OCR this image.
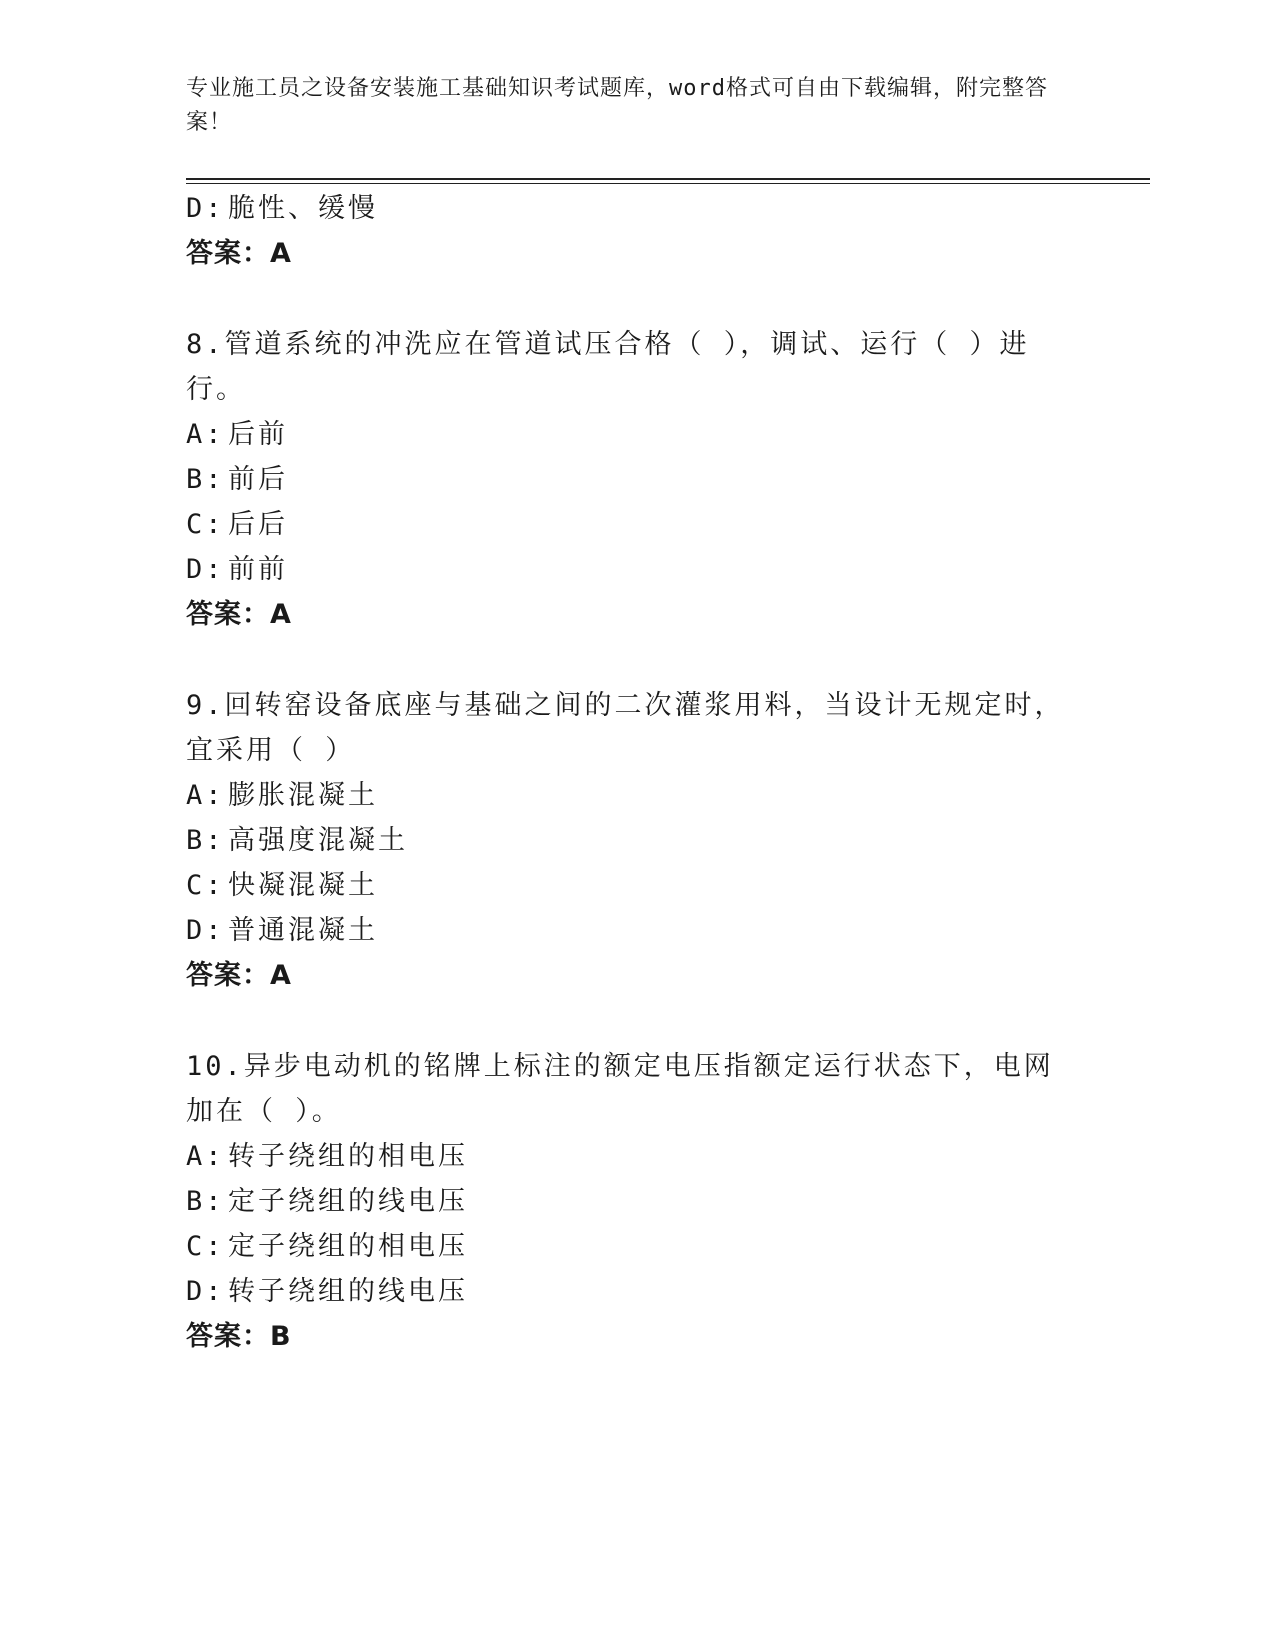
专业施工员之设备安装施工基础知识考试题库，word格式可自由下载编辑，附完整答案！
D: 脆性、缓慢
答案：A
8.管道系统的冲洗应在管道试压合格（ ），调试、运行（ ）进行。
A: 后前
B: 前后
C: 后后
D: 前前
答案：A
9.回转窑设备底座与基础之间的二次灌浆用料，当设计无规定时，宜采用（ ）
A: 膨胀混凝土
B: 高强度混凝土
C: 快凝混凝土
D: 普通混凝土
答案：A
10.异步电动机的铭牌上标注的额定电压指额定运行状态下，电网加在（ ）。
A: 转子绕组的相电压
B: 定子绕组的线电压
C: 定子绕组的相电压
D: 转子绕组的线电压
答案：B
